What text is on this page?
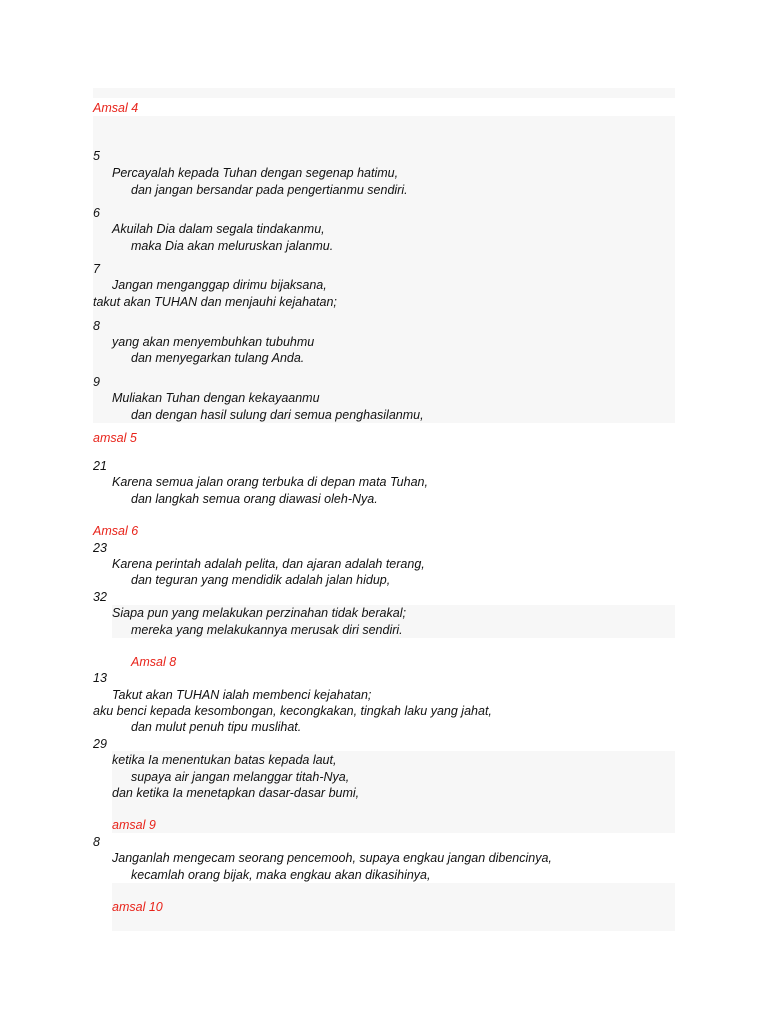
Amsal 4
5
Percayalah kepada Tuhan dengan segenap hatimu,
dan jangan bersandar pada pengertianmu sendiri.
6
Akuilah Dia dalam segala tindakanmu,
maka Dia akan meluruskan jalanmu.
7
Jangan menganggap dirimu bijaksana,
takut akan TUHAN dan menjauhi kejahatan;
8
yang akan menyembuhkan tubuhmu
dan menyegarkan tulang Anda.
9
Muliakan Tuhan dengan kekayaanmu
dan dengan hasil sulung dari semua penghasilanmu,
amsal 5
21
Karena semua jalan orang terbuka di depan mata Tuhan,
dan langkah semua orang diawasi oleh-Nya.
Amsal 6
23
Karena perintah adalah pelita, dan ajaran adalah terang,
dan teguran yang mendidik adalah jalan hidup,
32
Siapa pun yang melakukan perzinahan tidak berakal;
mereka yang melakukannya merusak diri sendiri.
Amsal 8
13
Takut akan TUHAN ialah membenci kejahatan;
aku benci kepada kesombongan, kecongkakan, tingkah laku yang jahat,
dan mulut penuh tipu muslihat.
29
ketika Ia menentukan batas kepada laut,
supaya air jangan melanggar titah-Nya,
dan ketika Ia menetapkan dasar-dasar bumi,
amsal 9
8
Janganlah mengecam seorang pencemooh, supaya engkau jangan dibencinya,
kecamlah orang bijak, maka engkau akan dikasihinya,
amsal 10
